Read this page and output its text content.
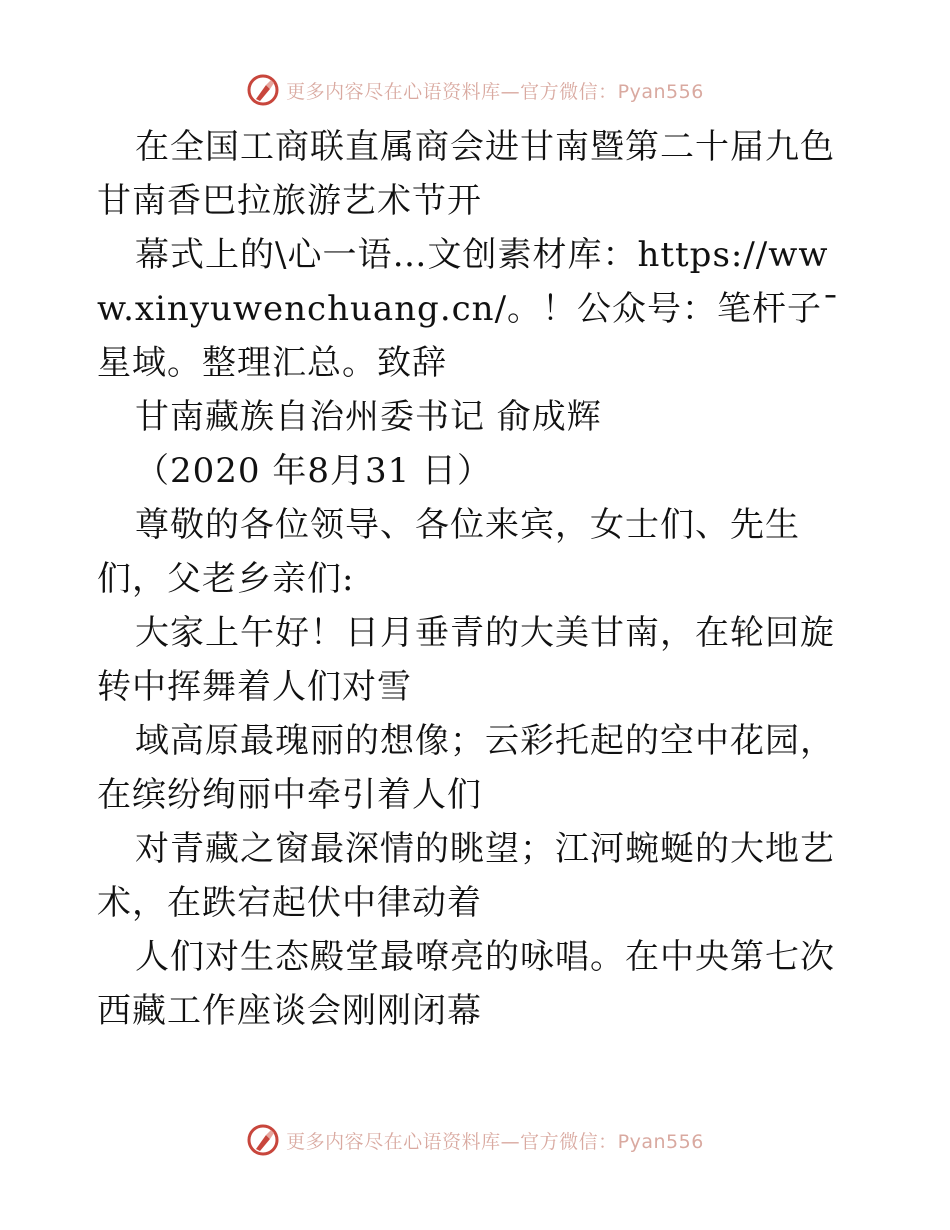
更多内容尽在心语资料库—官方微信：Pyan556

在全国工商联直属商会进甘南暨第二十届九色甘南香巴拉旅游艺术节开

幕式上的\心一语…文创素材库：https://www.xinyuwenchuang.cn/。！公众号：笔杆子¯星域。整理汇总。致辞

甘南藏族自治州委书记 俞成辉

（2020 年8月31 日）

尊敬的各位领导、各位来宾，女士们、先生们，父老乡亲们:

大家上午好！日月垂青的大美甘南，在轮回旋转中挥舞着人们对雪

域高原最瑰丽的想像；云彩托起的空中花园，在缤纷绚丽中牵引着人们

对青藏之窗最深情的眺望；江河蜿蜒的大地艺术，在跌宕起伏中律动着

人们对生态殿堂最嘹亮的咏唱。在中央第七次西藏工作座谈会刚刚闭幕

更多内容尽在心语资料库—官方微信：Pyan556
